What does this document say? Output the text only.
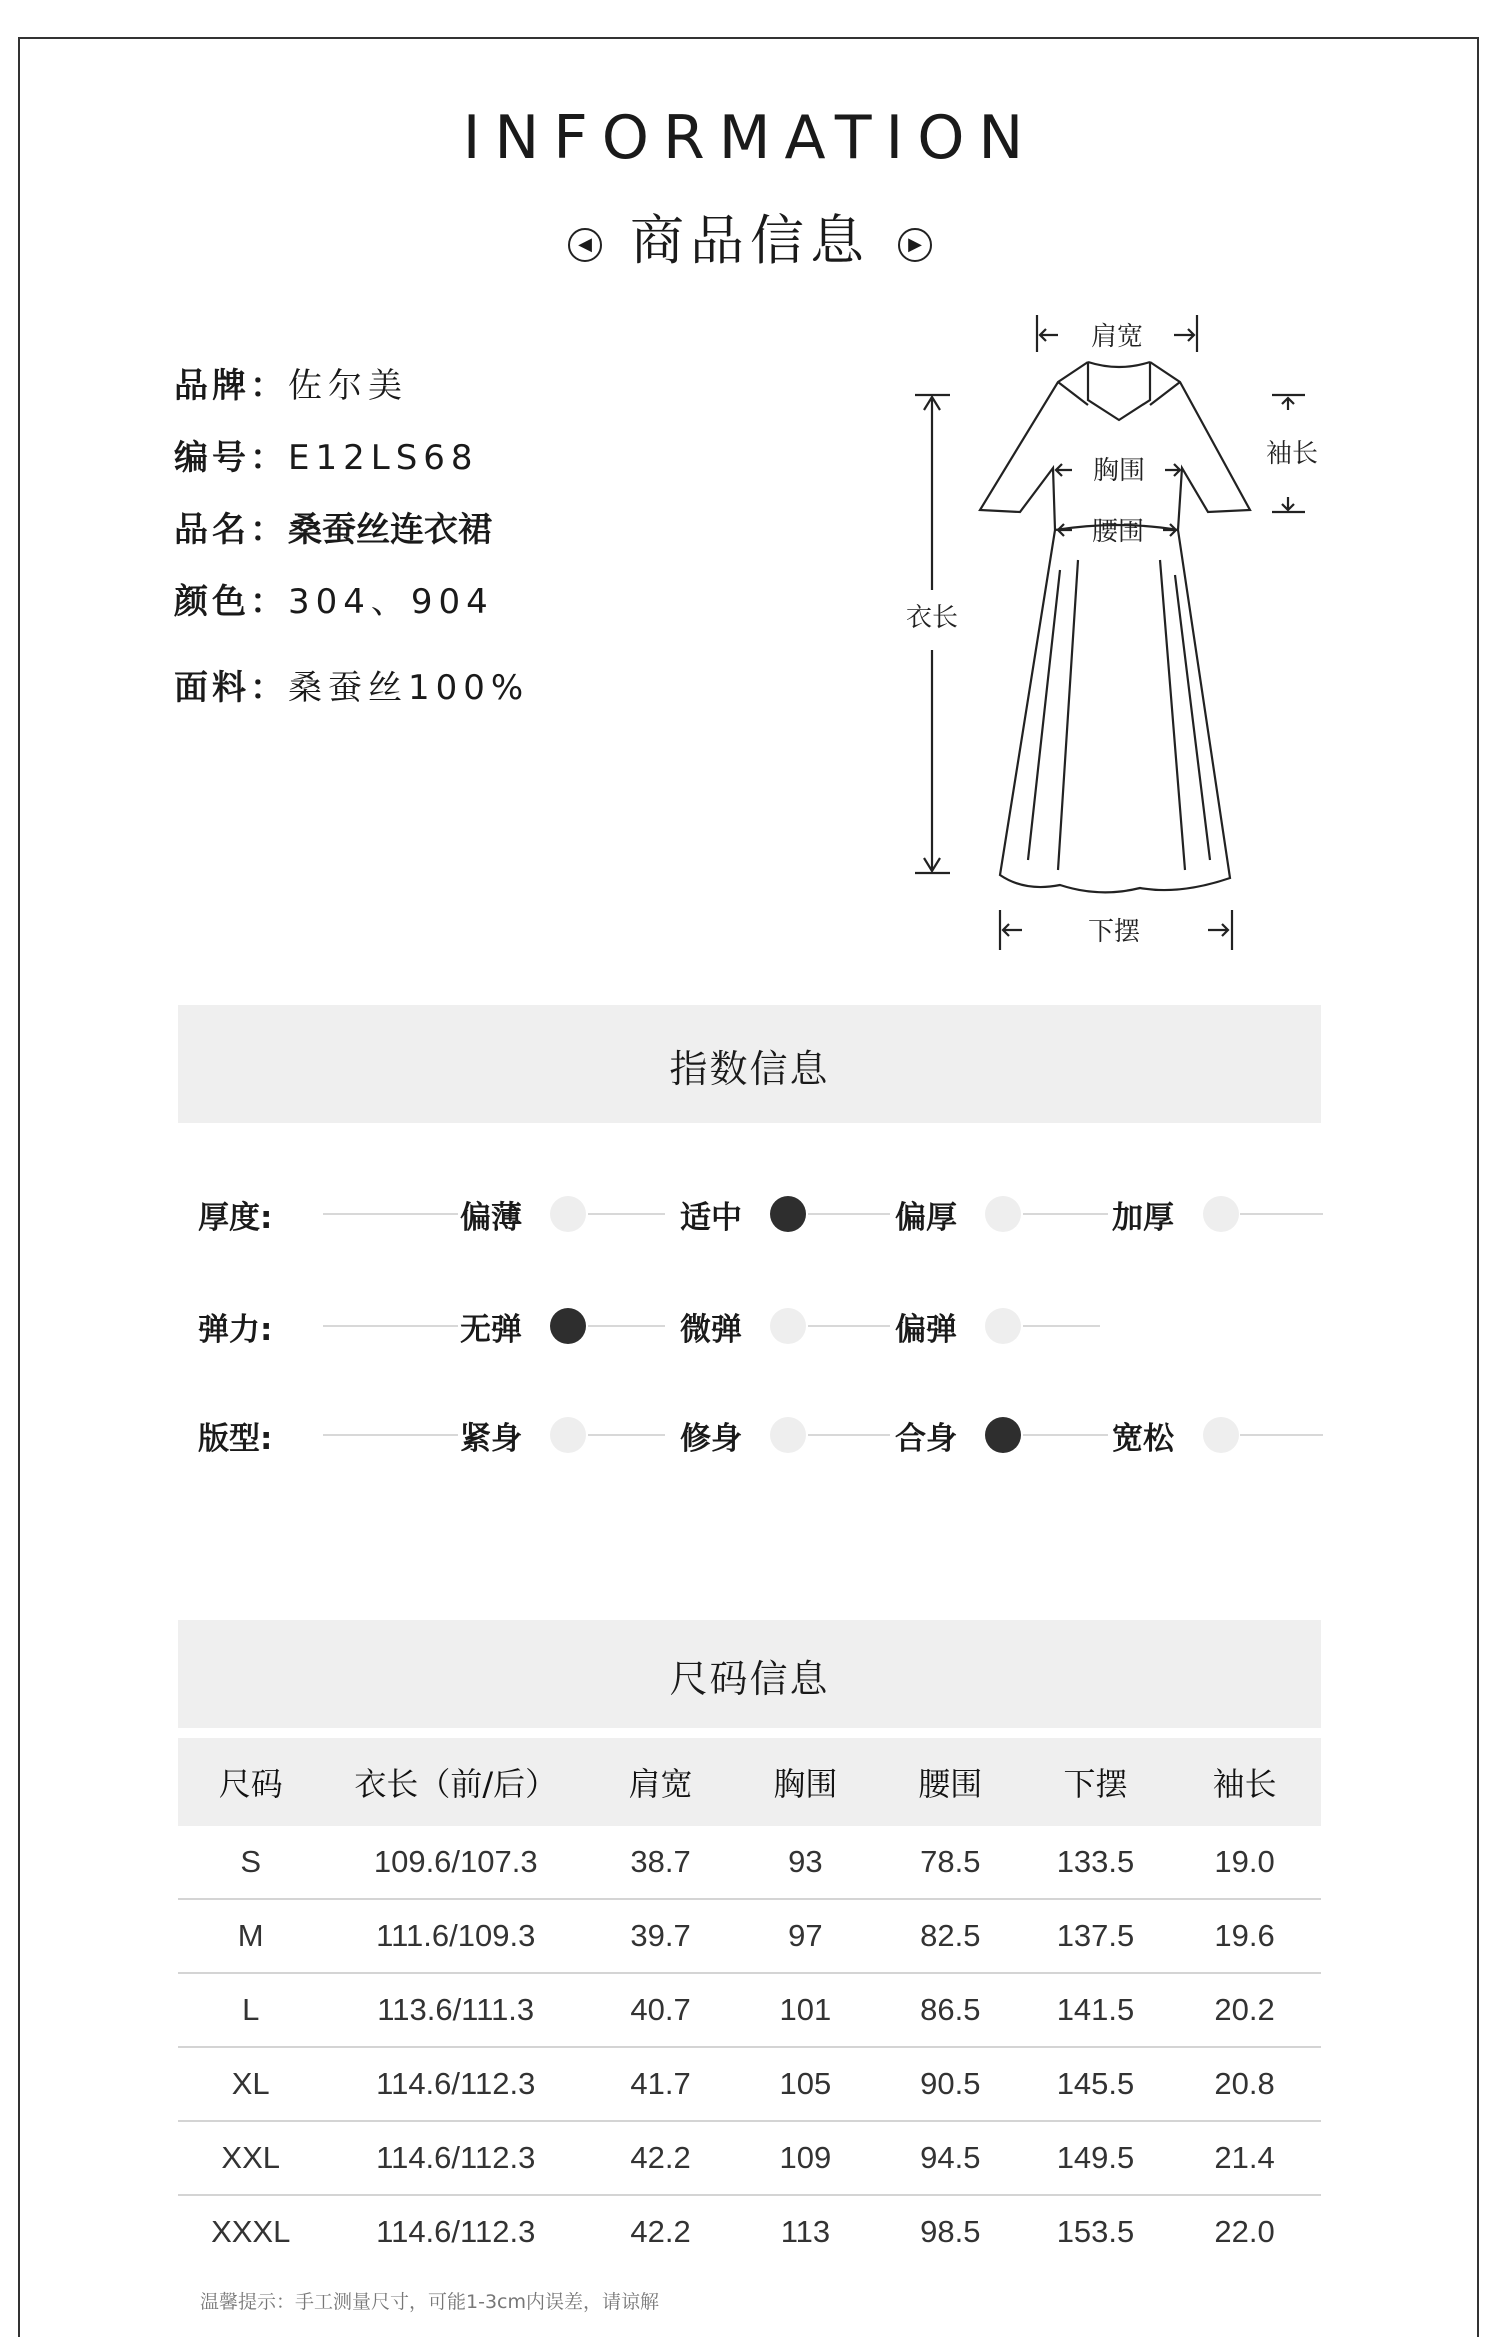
INFORMATION
◀ 商品信息 ▶
品牌：佐尔美
编号：E12LS68
品名：桑蚕丝连衣裙
颜色：304、904
面料：桑蚕丝100%
肩宽
袖长
胸围
腰围
衣长
下摆
指数信息
厚度:	偏薄	适中	偏厚	加厚
弹力:	无弹	微弹	偏弹
版型:	紧身	修身	合身	宽松
尺码信息
尺码	衣长（前/后）	肩宽	胸围	腰围	下摆	袖长
S	109.6/107.3	38.7	93	78.5	133.5	19.0
M	111.6/109.3	39.7	97	82.5	137.5	19.6
L	113.6/111.3	40.7	101	86.5	141.5	20.2
XL	114.6/112.3	41.7	105	90.5	145.5	20.8
XXL	114.6/112.3	42.2	109	94.5	149.5	21.4
XXXL	114.6/112.3	42.2	113	98.5	153.5	22.0
温馨提示：手工测量尺寸，可能1-3cm内误差，请谅解
